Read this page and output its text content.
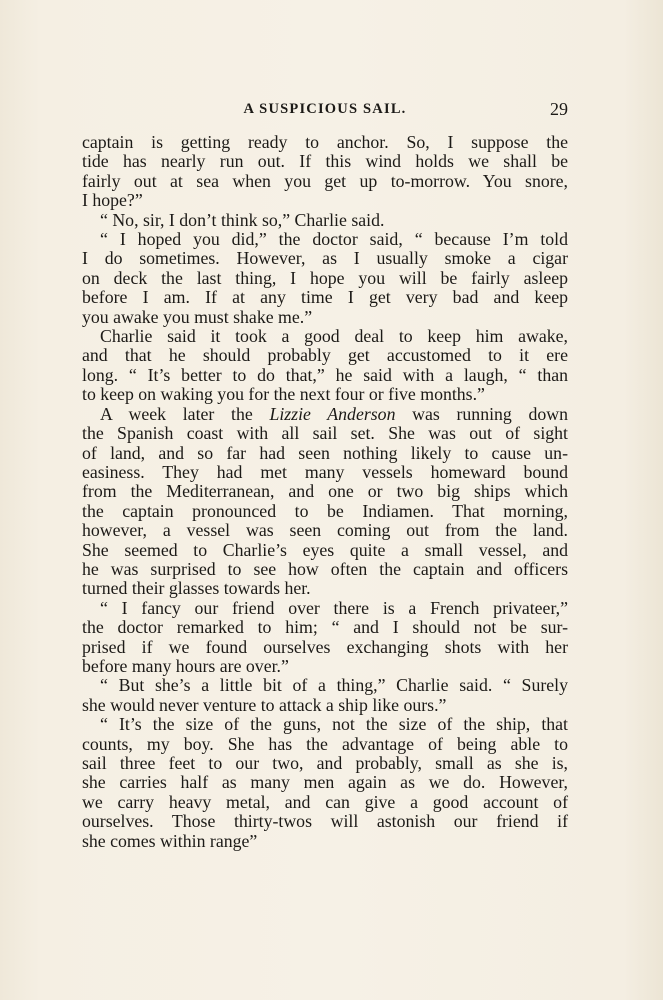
A SUSPICIOUS SAIL.	29
captain is getting ready to anchor. So, I suppose the
tide has nearly run out. If this wind holds we shall be
fairly out at sea when you get up to-morrow. You snore,
I hope?”
“ No, sir, I don’t think so,” Charlie said.
“ I hoped you did,” the doctor said, “ because I’m told
I do sometimes. However, as I usually smoke a cigar
on deck the last thing, I hope you will be fairly asleep
before I am. If at any time I get very bad and keep
you awake you must shake me.”
Charlie said it took a good deal to keep him awake,
and that he should probably get accustomed to it ere
long. “ It’s better to do that,” he said with a laugh, “ than
to keep on waking you for the next four or five months.”
A week later the Lizzie Anderson was running down
the Spanish coast with all sail set. She was out of sight
of land, and so far had seen nothing likely to cause un-
easiness. They had met many vessels homeward bound
from the Mediterranean, and one or two big ships which
the captain pronounced to be Indiamen. That morning,
however, a vessel was seen coming out from the land.
She seemed to Charlie’s eyes quite a small vessel, and
he was surprised to see how often the captain and officers
turned their glasses towards her.
“ I fancy our friend over there is a French privateer,”
the doctor remarked to him; “ and I should not be sur-
prised if we found ourselves exchanging shots with her
before many hours are over.”
“ But she’s a little bit of a thing,” Charlie said. “ Surely
she would never venture to attack a ship like ours.”
“ It’s the size of the guns, not the size of the ship, that
counts, my boy. She has the advantage of being able to
sail three feet to our two, and probably, small as she is,
she carries half as many men again as we do. However,
we carry heavy metal, and can give a good account of
ourselves. Those thirty-twos will astonish our friend if
she comes within range”
